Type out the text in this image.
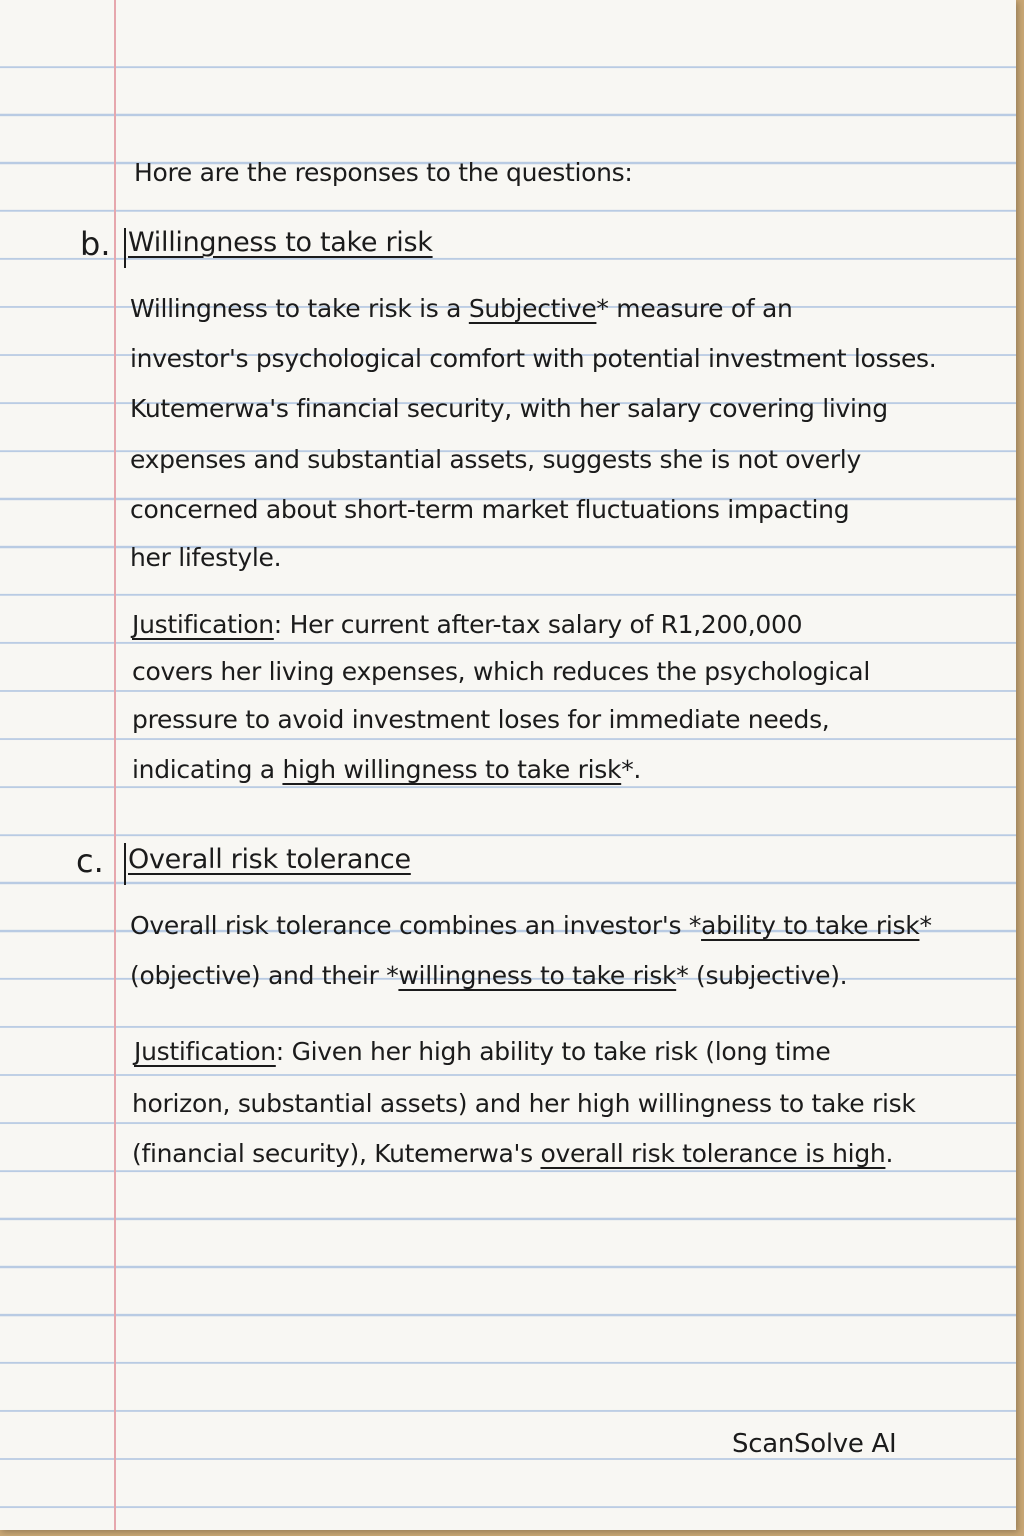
Hore are the responses to the questions:
b. Willingness to take risk
Willingness to take risk is a Subjective* measure of an
investor's psychological comfort with potential investment losses.
Kutemerwa's financial security, with her salary covering living
expenses and substantial assets, suggests she is not overly
concerned about short-term market fluctuations impacting
her lifestyle.
Justification: Her current after-tax salary of R1,200,000
covers her living expenses, which reduces the psychological
pressure to avoid investment loses for immediate needs,
indicating a high willingness to take risk*.
c. Overall risk tolerance
Overall risk tolerance combines an investor's *ability to take risk*
(objective) and their *willingness to take risk* (subjective).
Justification: Given her high ability to take risk (long time
horizon, substantial assets) and her high willingness to take risk
(financial security), Kutemerwa's overall risk tolerance is high.
ScanSolve AI
